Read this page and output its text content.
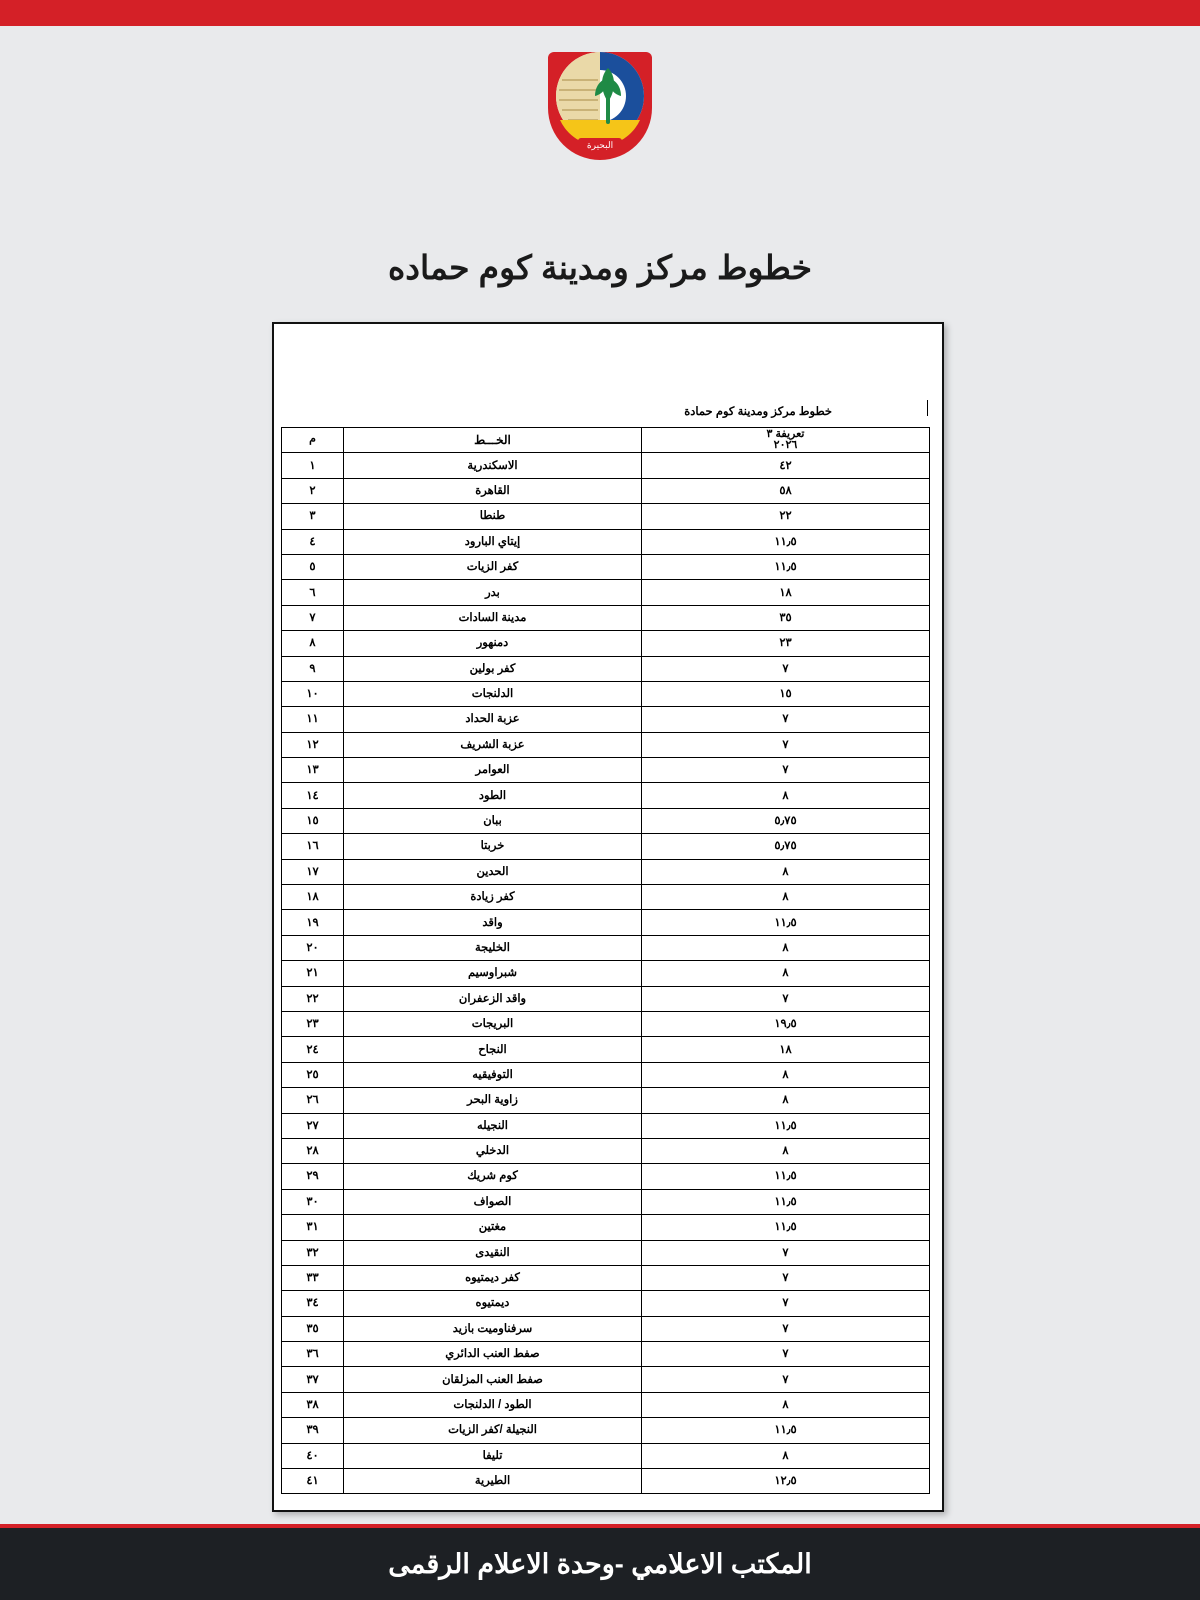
البحيرة
خطوط مركز ومدينة كوم حماده
خطوط مركز ومدينة كوم حمادة
تعريفة ٣
٢٠٢٦	الخـــط	م
٤٢	الاسكندرية	١
٥٨	القاهرة	٢
٢٢	طنطا	٣
١١٫٥	إيتاي البارود	٤
١١٫٥	كفر الزيات	٥
١٨	بدر	٦
٣٥	مدينة السادات	٧
٢٣	دمنهور	٨
٧	كفر بولين	٩
١٥	الدلنجات	١٠
٧	عزبة الحداد	١١
٧	عزبة الشريف	١٢
٧	العوامر	١٣
٨	الطود	١٤
٥٫٧٥	ببان	١٥
٥٫٧٥	خربتا	١٦
٨	الحدين	١٧
٨	كفر زيادة	١٨
١١٫٥	واقد	١٩
٨	الخليجة	٢٠
٨	شبراوسيم	٢١
٧	واقد الزعفران	٢٢
١٩٫٥	البريجات	٢٣
١٨	النجاح	٢٤
٨	التوفيقيه	٢٥
٨	زاوية البحر	٢٦
١١٫٥	النجيله	٢٧
٨	الدخلي	٢٨
١١٫٥	كوم شريك	٢٩
١١٫٥	الصواف	٣٠
١١٫٥	مغتين	٣١
٧	النقيدى	٣٢
٧	كفر ديمتيوه	٣٣
٧	ديمتيوه	٣٤
٧	سرفناوميت بازيد	٣٥
٧	صفط العنب الدائري	٣٦
٧	صفط العنب المزلقان	٣٧
٨	الطود / الدلنجات	٣٨
١١٫٥	النجيلة /كفر الزيات	٣٩
٨	تليفا	٤٠
١٢٫٥	الطيرية	٤١
المكتب الاعلامي -وحدة الاعلام الرقمى
